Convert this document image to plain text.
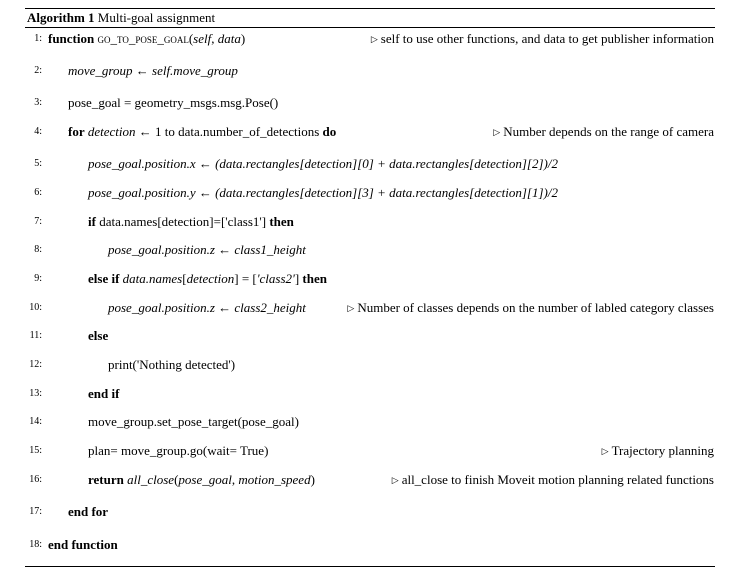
Algorithm 1 Multi-goal assignment
1: function go_to_pose_goal(self, data)	▷ self to use other functions, and data to get publisher information
2: move_group ← self.move_group
3: pose_goal = geometry_msgs.msg.Pose()
4: for detection ← 1 to data.number_of_detections do	▷ Number depends on the range of camera
5:	pose_goal.position.x ← (data.rectangles[detection][0] + data.rectangles[detection][2])/2
6:	pose_goal.position.y ← (data.rectangles[detection][3] + data.rectangles[detection][1])/2
7:	if data.names[detection]=['class1'] then
8:	pose_goal.position.z ← class1_height
9:	else if data.names[detection] = ['class2'] then
10:	pose_goal.position.z ← class2_height	▷ Number of classes depends on the number of labled category classes
11:	else
12:	print('Nothing detected')
13:	end if
14:	move_group.set_pose_target(pose_goal)
15:	plan= move_group.go(wait= True)	▷ Trajectory planning
16:	return all_close(pose_goal, motion_speed)	▷ all_close to finish Moveit motion planning related functions
17: end for
18: end function
